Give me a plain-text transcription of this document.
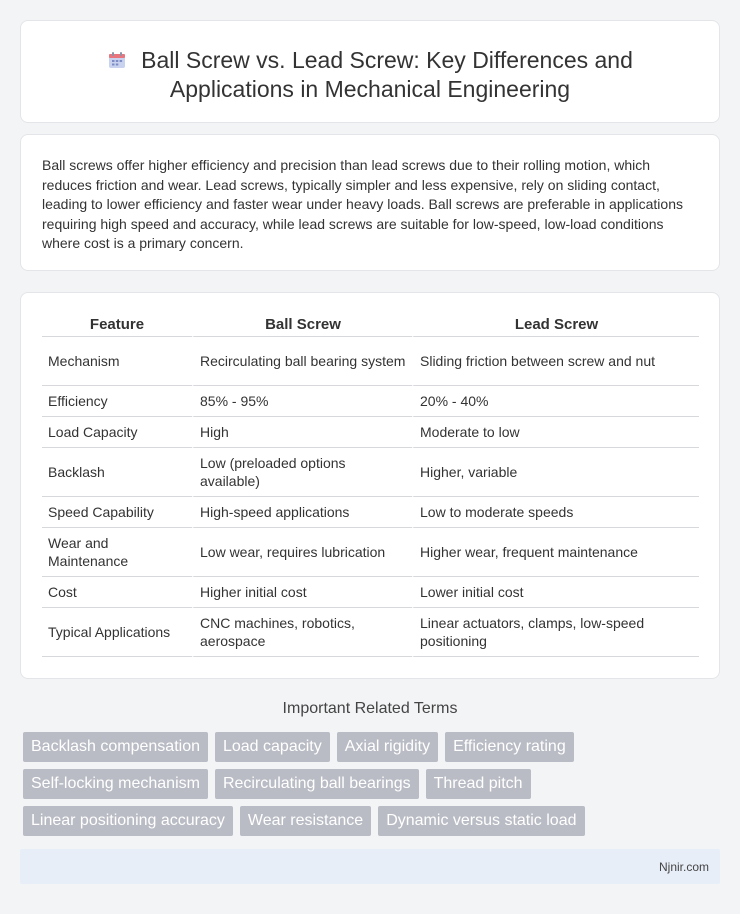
Ball Screw vs. Lead Screw: Key Differences and
Applications in Mechanical Engineering

Ball screws offer higher efficiency and precision than lead screws due to their rolling motion, which reduces friction and wear. Lead screws, typically simpler and less expensive, rely on sliding contact, leading to lower efficiency and faster wear under heavy loads. Ball screws are preferable in applications requiring high speed and accuracy, while lead screws are suitable for low-speed, low-load conditions where cost is a primary concern.

Feature	Ball Screw	Lead Screw
Mechanism	Recirculating ball bearing system	Sliding friction between screw and nut
Efficiency	85% - 95%	20% - 40%
Load Capacity	High	Moderate to low
Backlash	Low (preloaded options available)	Higher, variable
Speed Capability	High-speed applications	Low to moderate speeds
Wear and Maintenance	Low wear, requires lubrication	Higher wear, frequent maintenance
Cost	Higher initial cost	Lower initial cost
Typical Applications	CNC machines, robotics, aerospace	Linear actuators, clamps, low-speed positioning
Important Related Terms
Backlash compensation	Load capacity	Axial rigidity	Efficiency rating
Self-locking mechanism	Recirculating ball bearings	Thread pitch
Linear positioning accuracy	Wear resistance	Dynamic versus static load
Njnir.com
